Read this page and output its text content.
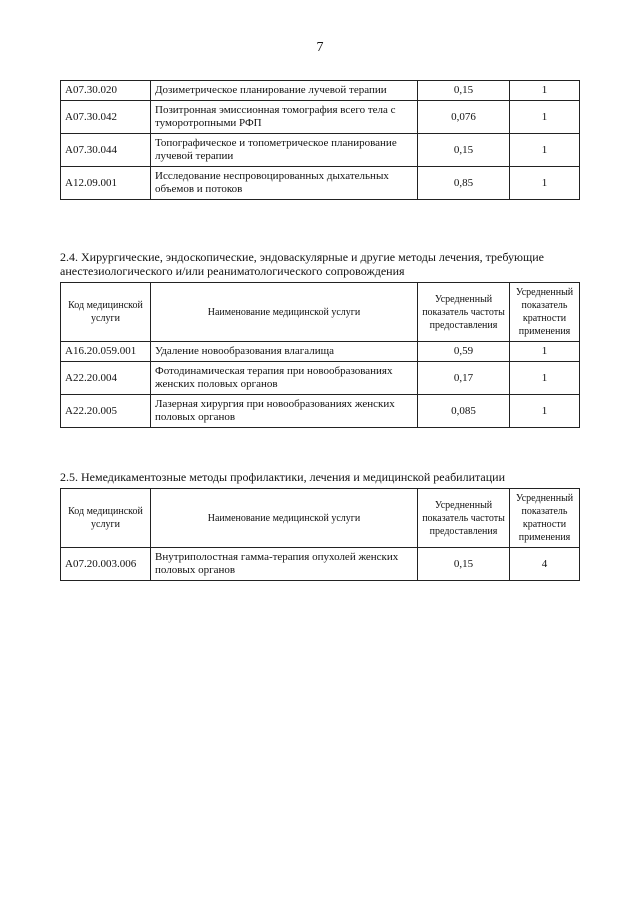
7
A07.30.020	Дозиметрическое планирование лучевой терапии	0,15	1
A07.30.042	Позитронная эмиссионная томография всего тела с туморотропными РФП	0,076	1
A07.30.044	Топографическое и топометрическое планирование лучевой терапии	0,15	1
A12.09.001	Исследование неспровоцированных дыхательных объемов и потоков	0,85	1

2.4. Хирургические, эндоскопические, эндоваскулярные и другие методы лечения, требующие анестезиологического и/или реаниматологического сопровождения

Код медицинской услуги	Наименование медицинской услуги	Усредненный показатель частоты предоставления	Усредненный показатель кратности применения
A16.20.059.001	Удаление новообразования влагалища	0,59	1
A22.20.004	Фотодинамическая терапия при новообразованиях женских половых органов	0,17	1
A22.20.005	Лазерная хирургия при новообразованиях женских половых органов	0,085	1

2.5. Немедикаментозные методы профилактики, лечения и медицинской реабилитации

Код медицинской услуги	Наименование медицинской услуги	Усредненный показатель частоты предоставления	Усредненный показатель кратности применения
A07.20.003.006	Внутриполостная гамма-терапия опухолей женских половых органов	0,15	4
